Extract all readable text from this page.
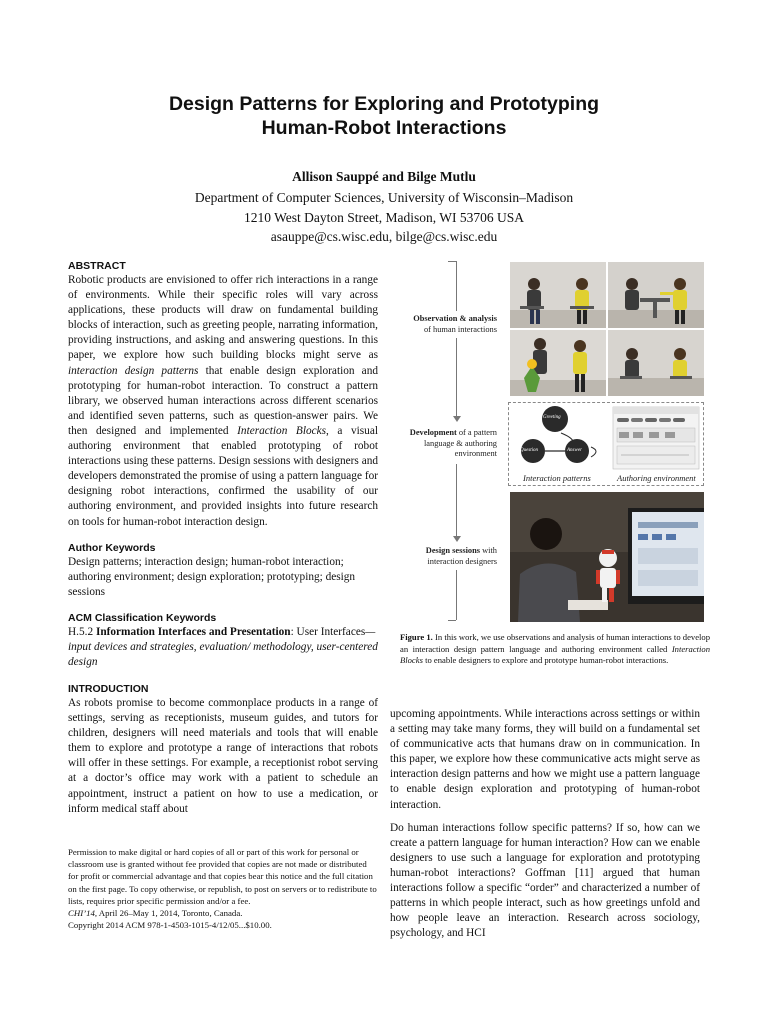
Design Patterns for Exploring and Prototyping
Human-Robot Interactions
Allison Sauppé and Bilge Mutlu
Department of Computer Sciences, University of Wisconsin–Madison
1210 West Dayton Street, Madison, WI 53706 USA
asauppe@cs.wisc.edu, bilge@cs.wisc.edu
ABSTRACT

Robotic products are envisioned to offer rich interactions in a range of environments. While their specific roles will vary across applications, these products will draw on fundamental building blocks of interaction, such as greeting people, narrating information, providing instructions, and asking and answering questions. In this paper, we explore how such building blocks might serve as interaction design patterns that enable design exploration and prototyping for human-robot interaction. To construct a pattern library, we observed human interactions across different scenarios and identified seven patterns, such as question-answer pairs. We then designed and implemented Interaction Blocks, a visual authoring environment that enabled prototyping of robot interactions using these patterns. Design sessions with designers and developers demonstrated the promise of using a pattern language for designing robot interactions, confirmed the usability of our authoring environment, and provided insights into future research on tools for human-robot interaction design.

Author Keywords

Design patterns; interaction design; human-robot interaction; authoring environment; design exploration; prototyping; design sessions

ACM Classification Keywords

H.5.2 Information Interfaces and Presentation: User Interfaces—input devices and strategies, evaluation/ methodology, user-centered design

INTRODUCTION

As robots promise to become commonplace products in a range of settings, serving as receptionists, museum guides, and tutors for children, designers will need materials and tools that will enable them to explore and prototype a range of interactions that robots will offer in these settings. For example, a receptionist robot serving at a doctor’s office may work with a patient to schedule an appointment, instruct a patient on how to use a medication, or inform medical staff about

Permission to make digital or hard copies of all or part of this work for personal or classroom use is granted without fee provided that copies are not made or distributed for profit or commercial advantage and that copies bear this notice and the full citation on the first page. To copy otherwise, or republish, to post on servers or to redistribute to lists, requires prior specific permission and/or a fee.

CHI’14, April 26–May 1, 2014, Toronto, Canada.

Copyright 2014 ACM 978-1-4503-1015-4/12/05...$10.00.

Observation & analysis
of human interactions
Development of a pattern language & authoring environment
Design sessions with interaction designers
Greeting
Question	Answer
Interaction patterns	Authoring environment
Figure 1. In this work, we use observations and analysis of human interactions to develop an interaction design pattern language and authoring environment called Interaction Blocks to enable designers to explore and prototype human-robot interactions.

upcoming appointments. While interactions across settings or within a setting may take many forms, they will build on a fundamental set of communicative acts that humans draw on in communication. In this paper, we explore how these communicative acts might serve as interaction design patterns and how we might use a pattern language to enable design exploration and prototyping of human-robot interaction.

Do human interactions follow specific patterns? If so, how can we create a pattern language for human interaction? How can we enable designers to use such a language for exploration and prototyping human-robot interactions? Goffman [11] argued that human interactions follow a specific “order” and characterized a number of patterns in which people interact, such as how greetings unfold and how people leave an interaction. Research across sociology, psychology, and HCI
